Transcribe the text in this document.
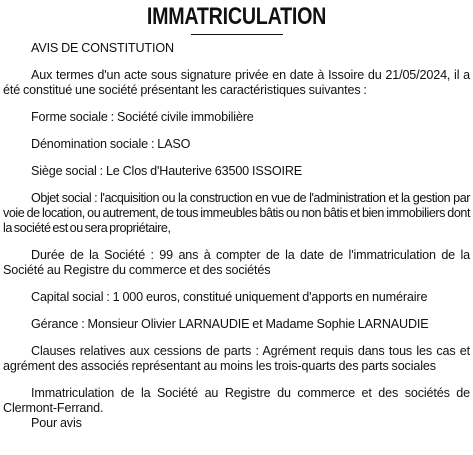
IMMATRICULATION

AVIS DE CONSTITUTION

Aux termes d'un acte sous signature privée en date à Issoire du 21/05/2024, il a été constitué une société présentant les caractéristiques suivantes :

Forme sociale : Société civile immobilière

Dénomination sociale : LASO

Siège social : Le Clos d'Hauterive 63500 ISSOIRE

Objet social : l'acquisition ou la construction en vue de l'administration et la gestion par voie de location, ou autrement, de tous immeubles bâtis ou non bâtis et bien immobiliers dont la société est ou sera propriétaire,

Durée de la Société : 99 ans à compter de la date de l'immatriculation de la Société au Registre du commerce et des sociétés

Capital social : 1 000 euros, constitué uniquement d'apports en numéraire

Gérance : Monsieur Olivier LARNAUDIE et Madame Sophie LARNAUDIE

Clauses relatives aux cessions de parts : Agrément requis dans tous les cas et agrément des associés représentant au moins les trois-quarts des parts sociales

Immatriculation de la Société au Registre du commerce et des sociétés de Clermont-Ferrand.

Pour avis
